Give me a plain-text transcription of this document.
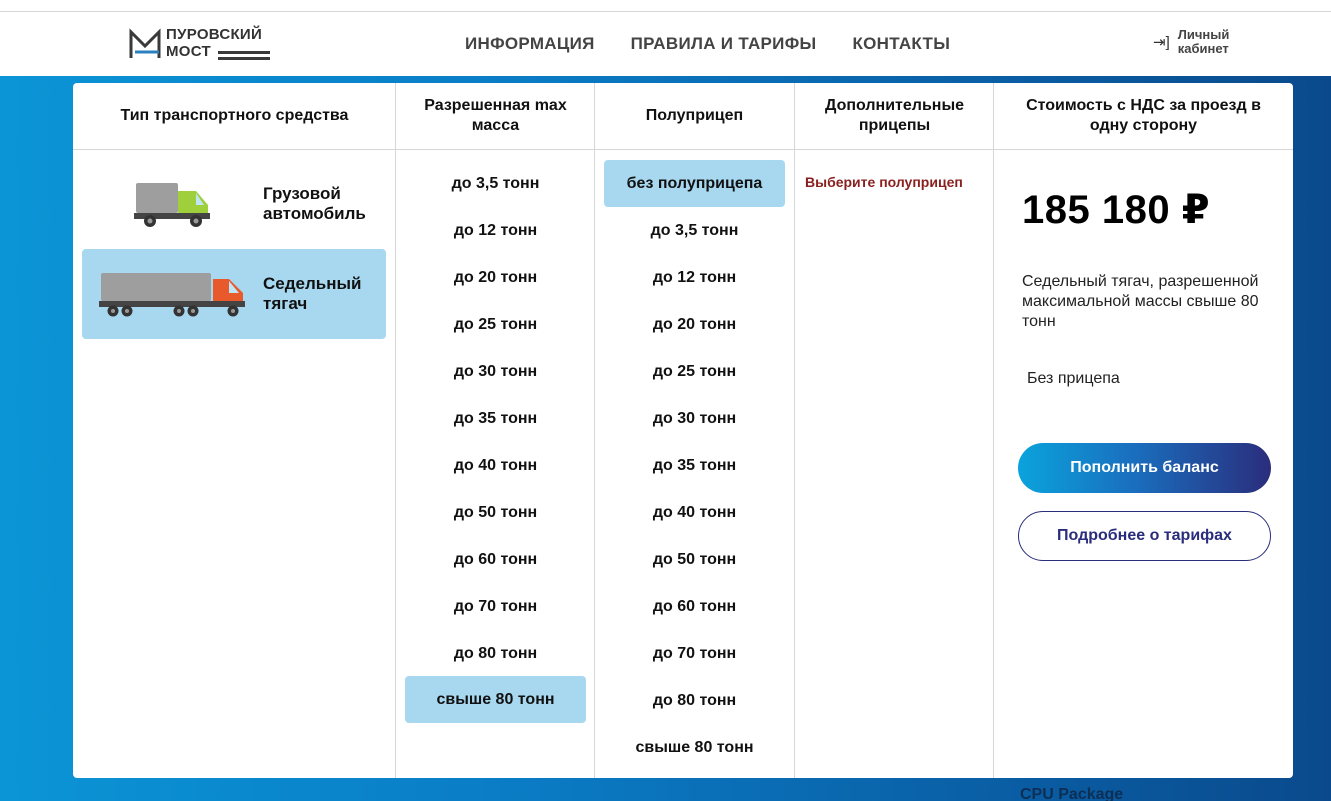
ПУРОВСКИЙ
МОСТ	ИНФОРМАЦИЯ ПРАВИЛА И ТАРИФЫ КОНТАКТЫ	⇥] Личный
кабинет
Тип транспортного средства
Грузовой
автомобиль
Седельный
тягач
Разрешенная max масса
до 3,5 тонн
до 12 тонн
до 20 тонн
до 25 тонн
до 30 тонн
до 35 тонн
до 40 тонн
до 50 тонн
до 60 тонн
до 70 тонн
до 80 тонн
свыше 80 тонн
Полуприцеп
без полуприцепа
до 3,5 тонн
до 12 тонн
до 20 тонн
до 25 тонн
до 30 тонн
до 35 тонн
до 40 тонн
до 50 тонн
до 60 тонн
до 70 тонн
до 80 тонн
свыше 80 тонн
Дополнительные прицепы
Выберите полуприцеп
Стоимость с НДС за проезд в одну сторону
185 180 ₽
Седельный тягач, разрешенной максимальной массы свыше 80 тонн
Без прицепа
Пополнить баланс
Подробнее о тарифах
CPU Package
